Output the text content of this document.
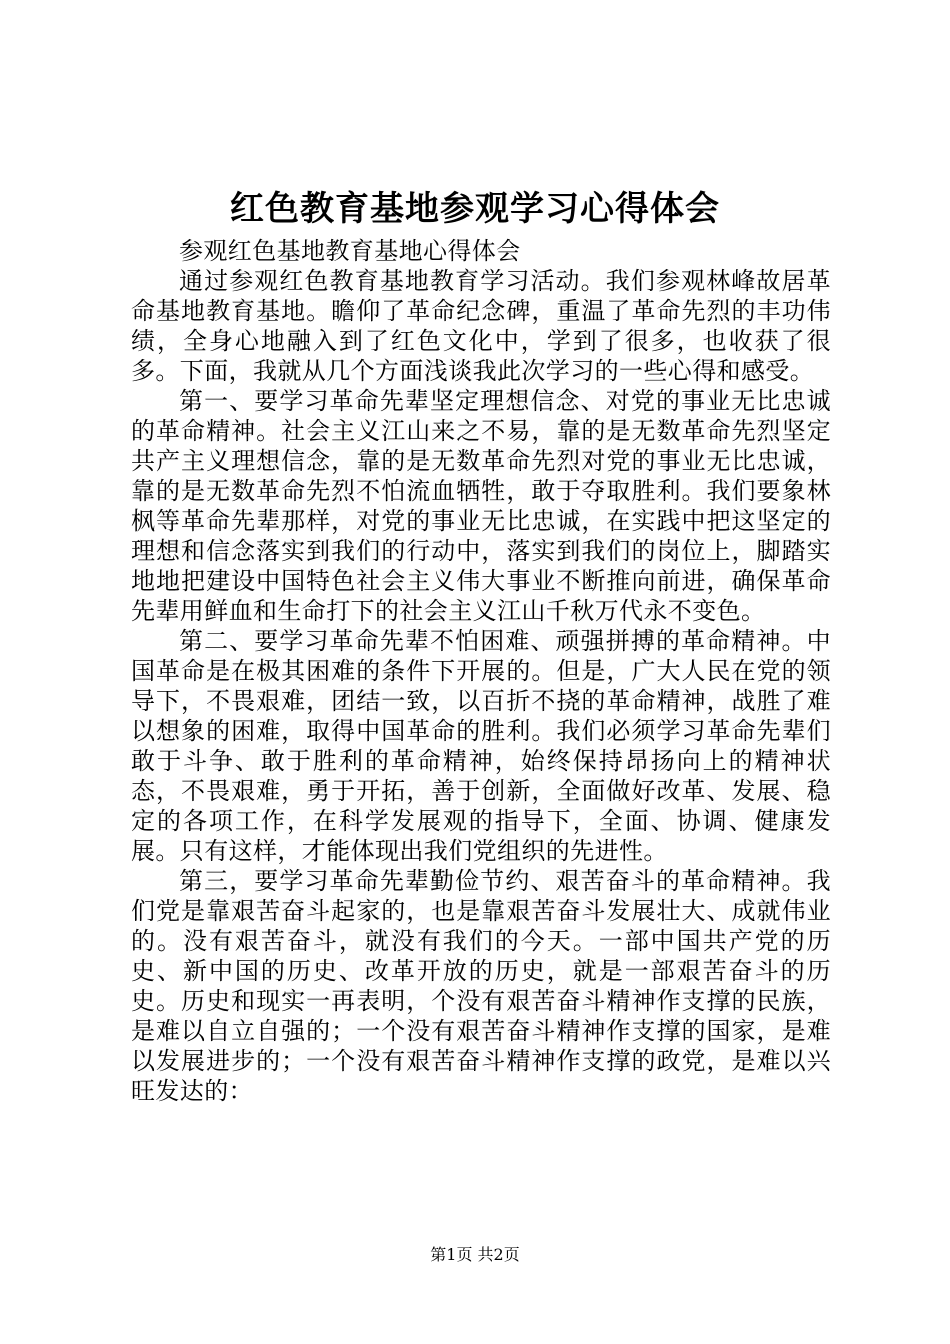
红色教育基地参观学习心得体会

参观红色基地教育基地心得体会

通过参观红色教育基地教育学习活动。我们参观林峰故居革命基地教育基地。瞻仰了革命纪念碑，重温了革命先烈的丰功伟绩，全身心地融入到了红色文化中，学到了很多，也收获了很多。下面，我就从几个方面浅谈我此次学习的一些心得和感受。

第一、要学习革命先辈坚定理想信念、对党的事业无比忠诚的革命精神。社会主义江山来之不易，靠的是无数革命先烈坚定共产主义理想信念，靠的是无数革命先烈对党的事业无比忠诚，靠的是无数革命先烈不怕流血牺牲，敢于夺取胜利。我们要象林枫等革命先辈那样，对党的事业无比忠诚，在实践中把这坚定的理想和信念落实到我们的行动中，落实到我们的岗位上，脚踏实地地把建设中国特色社会主义伟大事业不断推向前进，确保革命先辈用鲜血和生命打下的社会主义江山千秋万代永不变色。

第二、要学习革命先辈不怕困难、顽强拼搏的革命精神。中国革命是在极其困难的条件下开展的。但是，广大人民在党的领导下，不畏艰难，团结一致，以百折不挠的革命精神，战胜了难以想象的困难，取得中国革命的胜利。我们必须学习革命先辈们敢于斗争、敢于胜利的革命精神，始终保持昂扬向上的精神状态，不畏艰难，勇于开拓，善于创新，全面做好改革、发展、稳定的各项工作，在科学发展观的指导下，全面、协调、健康发展。只有这样，才能体现出我们党组织的先进性。

第三，要学习革命先辈勤俭节约、艰苦奋斗的革命精神。我们党是靠艰苦奋斗起家的，也是靠艰苦奋斗发展壮大、成就伟业的。没有艰苦奋斗，就没有我们的今天。一部中国共产党的历史、新中国的历史、改革开放的历史，就是一部艰苦奋斗的历史。历史和现实一再表明，个没有艰苦奋斗精神作支撑的民族，是难以自立自强的；一个没有艰苦奋斗精神作支撑的国家，是难以发展进步的；一个没有艰苦奋斗精神作支撑的政党，是难以兴旺发达的：

第1页 共2页
